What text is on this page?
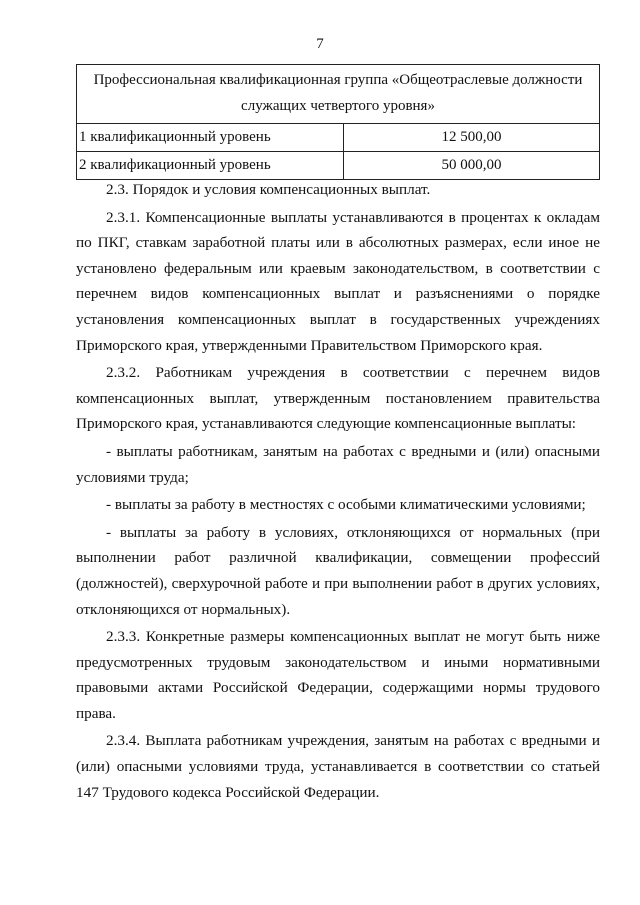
7
Профессиональная квалификационная группа «Общеотраслевые должности служащих четвертого уровня»	
1 квалификационный уровень	12 500,00
2 квалификационный уровень	50 000,00

2.3. Порядок и условия компенсационных выплат.

2.3.1. Компенсационные выплаты устанавливаются в процентах к окладам по ПКГ, ставкам заработной платы или в абсолютных размерах, если иное не установлено федеральным или краевым законодательством, в соответствии с перечнем видов компенсационных выплат и разъяснениями о порядке установления компенсационных выплат в государственных учреждениях Приморского края, утвержденными Правительством Приморского края.

2.3.2. Работникам учреждения в соответствии с перечнем видов компенсационных выплат, утвержденным постановлением правительства Приморского края, устанавливаются следующие компенсационные выплаты:

- выплаты работникам, занятым на работах с вредными и (или) опасными условиями труда;

- выплаты за работу в местностях с особыми климатическими условиями;

- выплаты за работу в условиях, отклоняющихся от нормальных (при выполнении работ различной квалификации, совмещении профессий (должностей), сверхурочной работе и при выполнении работ в других условиях, отклоняющихся от нормальных).

2.3.3. Конкретные размеры компенсационных выплат не могут быть ниже предусмотренных трудовым законодательством и иными нормативными правовыми актами Российской Федерации, содержащими нормы трудового права.

2.3.4. Выплата работникам учреждения, занятым на работах с вредными и (или) опасными условиями труда, устанавливается в соответствии со статьей 147 Трудового кодекса Российской Федерации.
